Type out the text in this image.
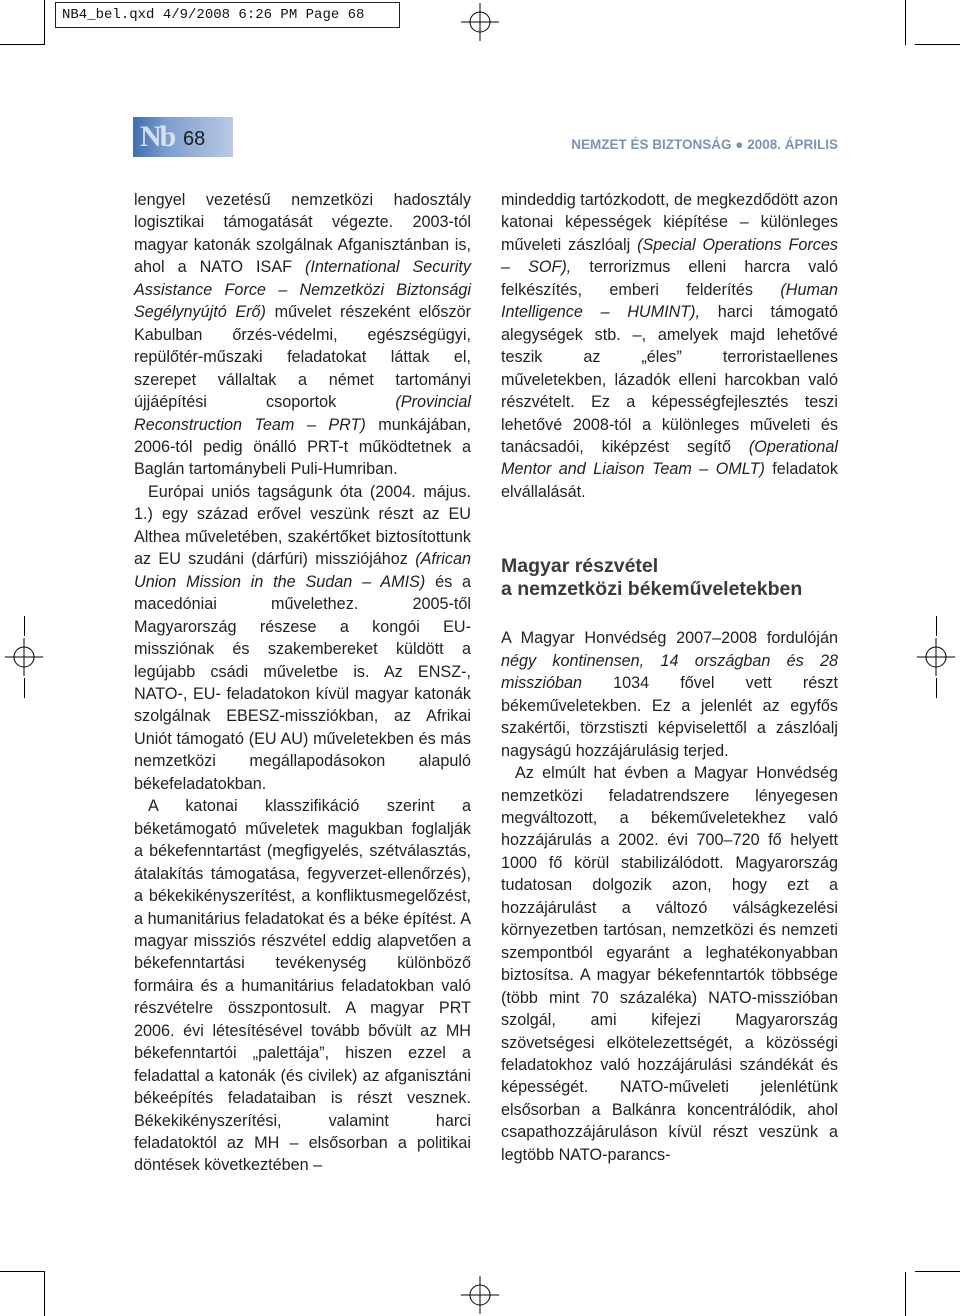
NB4_bel.qxd 4/9/2008 6:26 PM Page 68
Nb 68	NEMZET ÉS BIZTONSÁG ● 2008. ÁPRILIS

lengyel vezetésű nemzetközi hadosztály logisztikai támogatását végezte. 2003-tól magyar katonák szolgálnak Afganisztánban is, ahol a NATO ISAF (International Security Assistance Force – Nemzetközi Biztonsági Segélynyújtó Erő) művelet részeként először Kabulban őrzés-védelmi, egészségügyi, repülőtér-műszaki feladatokat láttak el, szerepet vállaltak a német tartományi újjáépítési csoportok (Provincial Reconstruction Team – PRT) munkájában, 2006-tól pedig önálló PRT-t működtetnek a Baglán tartománybeli Puli-Humriban.

Európai uniós tagságunk óta (2004. május. 1.) egy század erővel veszünk részt az EU Althea műveletében, szakértőket biztosítottunk az EU szudáni (dárfúri) missziójához (African Union Mission in the Sudan – AMIS) és a macedóniai művelethez. 2005-től Magyarország részese a kongói EU-missziónak és szakembereket küldött a legújabb csádi műveletbe is. Az ENSZ-, NATO-, EU- feladatokon kívül magyar katonák szolgálnak EBESZ-missziókban, az Afrikai Uniót támogató (EU AU) műveletekben és más nemzetközi megállapodásokon alapuló békefeladatokban.

A katonai klasszifikáció szerint a béketámogató műveletek magukban foglalják a békefenntartást (megfigyelés, szétválasztás, átalakítás támogatása, fegyverzet-ellenőrzés), a békekikényszerítést, a konfliktusmegelőzést, a humanitárius feladatokat és a béke építést. A magyar missziós részvétel eddig alapvetően a békefenntartási tevékenység különböző formáira és a humanitárius feladatokban való részvételre összpontosult. A magyar PRT 2006. évi létesítésével tovább bővült az MH békefenntartói „palettája”, hiszen ezzel a feladattal a katonák (és civilek) az afganisztáni békeépítés feladataiban is részt vesznek. Békekikényszerítési, valamint harci feladatoktól az MH – elsősorban a politikai döntések következtében –

mindeddig tartózkodott, de megkezdődött azon katonai képességek kiépítése – különleges műveleti zászlóalj (Special Operations Forces – SOF), terrorizmus elleni harcra való felkészítés, emberi felderítés (Human Intelligence – HUMINT), harci támogató alegységek stb. –, amelyek majd lehetővé teszik az „éles” terroristaellenes műveletekben, lázadók elleni harcokban való részvételt. Ez a képességfejlesztés teszi lehetővé 2008-tól a különleges műveleti és tanácsadói, kiképzést segítő (Operational Mentor and Liaison Team – OMLT) feladatok elvállalását.

Magyar részvétel
a nemzetközi békeműveletekben

A Magyar Honvédség 2007–2008 fordulóján négy kontinensen, 14 országban és 28 misszióban 1034 fővel vett részt békeműveletekben. Ez a jelenlét az egyfős szakértői, törzstiszti képviselettől a zászlóalj nagyságú hozzájárulásig terjed.

Az elmúlt hat évben a Magyar Honvédség nemzetközi feladatrendszere lényegesen megváltozott, a békeműveletekhez való hozzájárulás a 2002. évi 700–720 fő helyett 1000 fő körül stabilizálódott. Magyarország tudatosan dolgozik azon, hogy ezt a hozzájárulást a változó válságkezelési környezetben tartósan, nemzetközi és nemzeti szempontból egyaránt a leghatékonyabban biztosítsa. A magyar békefenntartók többsége (több mint 70 százaléka) NATO-misszióban szolgál, ami kifejezi Magyarország szövetségesi elkötelezettségét, a közösségi feladatokhoz való hozzájárulási szándékát és képességét. NATO-műveleti jelenlétünk elsősorban a Balkánra koncentrálódik, ahol csapathozzájáruláson kívül részt veszünk a legtöbb NATO-parancs-
